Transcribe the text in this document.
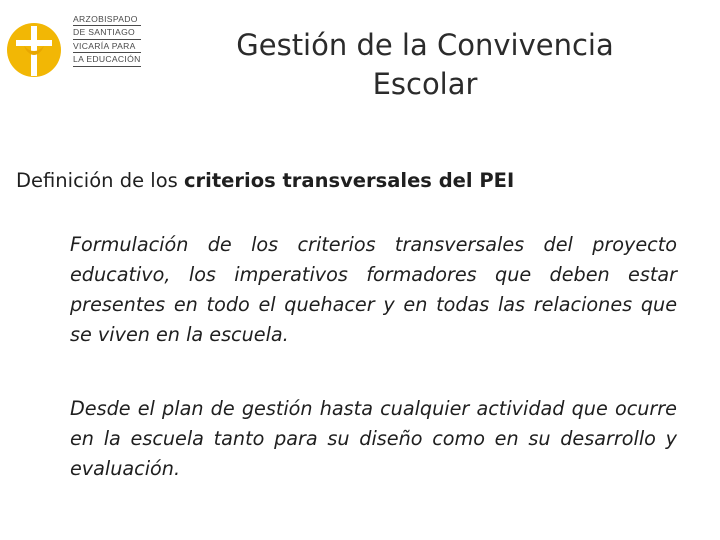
ARZOBISPADO
DE SANTIAGO
VICARÍA PARA
LA EDUCACIÓN	Gestión de la Convivencia Escolar
Definición de los criterios transversales del PEI
Formulación de los criterios transversales del proyecto educativo, los imperativos formadores que deben estar presentes en todo el quehacer y en todas las relaciones que se viven en la escuela.
Desde el plan de gestión hasta cualquier actividad que ocurre en la escuela tanto para su diseño como en su desarrollo y evaluación.
